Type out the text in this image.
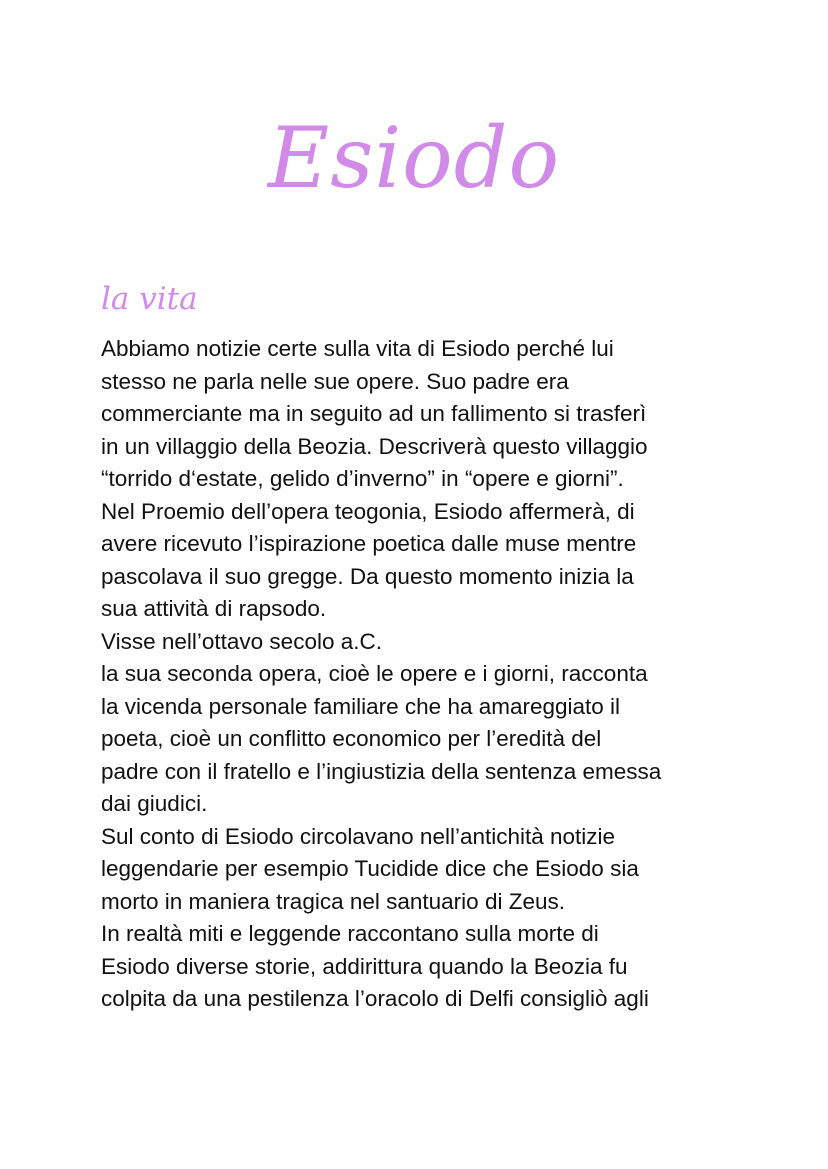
Esiodo
la vita
Abbiamo notizie certe sulla vita di Esiodo perché lui
stesso ne parla nelle sue opere. Suo padre era
commerciante ma in seguito ad un fallimento si trasferì
in un villaggio della Beozia. Descriverà questo villaggio
“torrido d‘estate, gelido d’inverno” in “opere e giorni”.
Nel Proemio dell’opera teogonia, Esiodo affermerà, di
avere ricevuto l’ispirazione poetica dalle muse mentre
pascolava il suo gregge. Da questo momento inizia la
sua attività di rapsodo.
Visse nell’ottavo secolo a.C.
la sua seconda opera, cioè le opere e i giorni, racconta
la vicenda personale familiare che ha amareggiato il
poeta, cioè un conflitto economico per l’eredità del
padre con il fratello e l’ingiustizia della sentenza emessa
dai giudici.
Sul conto di Esiodo circolavano nell’antichità notizie
leggendarie per esempio Tucidide dice che Esiodo sia
morto in maniera tragica nel santuario di Zeus.
In realtà miti e leggende raccontano sulla morte di
Esiodo diverse storie, addirittura quando la Beozia fu
colpita da una pestilenza l’oracolo di Delfi consigliò agli
